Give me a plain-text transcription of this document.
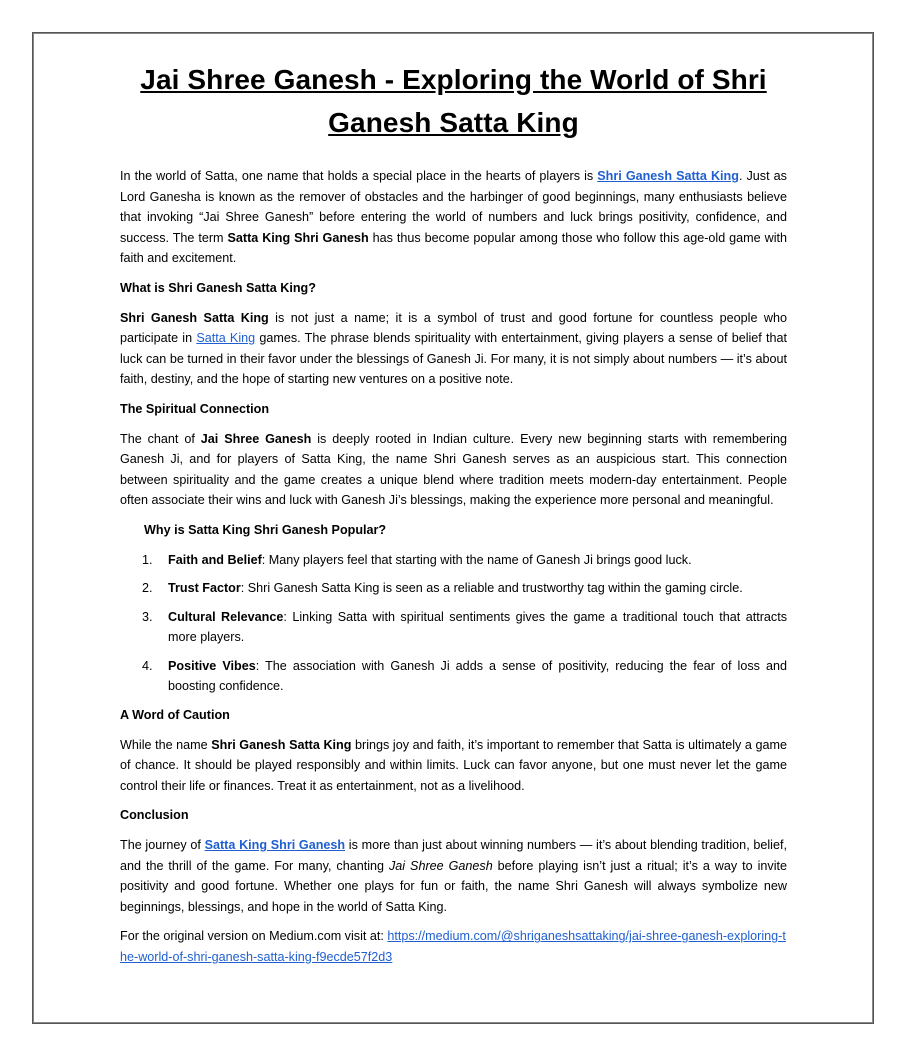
Jai Shree Ganesh - Exploring the World of Shri Ganesh Satta King

In the world of Satta, one name that holds a special place in the hearts of players is Shri Ganesh Satta King. Just as Lord Ganesha is known as the remover of obstacles and the harbinger of good beginnings, many enthusiasts believe that invoking “Jai Shree Ganesh” before entering the world of numbers and luck brings positivity, confidence, and success. The term Satta King Shri Ganesh has thus become popular among those who follow this age-old game with faith and excitement.

What is Shri Ganesh Satta King?

Shri Ganesh Satta King is not just a name; it is a symbol of trust and good fortune for countless people who participate in Satta King games. The phrase blends spirituality with entertainment, giving players a sense of belief that luck can be turned in their favor under the blessings of Ganesh Ji. For many, it is not simply about numbers — it’s about faith, destiny, and the hope of starting new ventures on a positive note.

The Spiritual Connection

The chant of Jai Shree Ganesh is deeply rooted in Indian culture. Every new beginning starts with remembering Ganesh Ji, and for players of Satta King, the name Shri Ganesh serves as an auspicious start. This connection between spirituality and the game creates a unique blend where tradition meets modern-day entertainment. People often associate their wins and luck with Ganesh Ji’s blessings, making the experience more personal and meaningful.

Why is Satta King Shri Ganesh Popular?
1. Faith and Belief: Many players feel that starting with the name of Ganesh Ji brings good luck.
2. Trust Factor: Shri Ganesh Satta King is seen as a reliable and trustworthy tag within the gaming circle.
3. Cultural Relevance: Linking Satta with spiritual sentiments gives the game a traditional touch that attracts more players.
4. Positive Vibes: The association with Ganesh Ji adds a sense of positivity, reducing the fear of loss and boosting confidence.
A Word of Caution

While the name Shri Ganesh Satta King brings joy and faith, it’s important to remember that Satta is ultimately a game of chance. It should be played responsibly and within limits. Luck can favor anyone, but one must never let the game control their life or finances. Treat it as entertainment, not as a livelihood.

Conclusion

The journey of Satta King Shri Ganesh is more than just about winning numbers — it’s about blending tradition, belief, and the thrill of the game. For many, chanting Jai Shree Ganesh before playing isn’t just a ritual; it’s a way to invite positivity and good fortune. Whether one plays for fun or faith, the name Shri Ganesh will always symbolize new beginnings, blessings, and hope in the world of Satta King.

For the original version on Medium.com visit at: https://medium.com/@shriganeshsattaking/jai-shree-ganesh-exploring-the-world-of-shri-ganesh-satta-king-f9ecde57f2d3
